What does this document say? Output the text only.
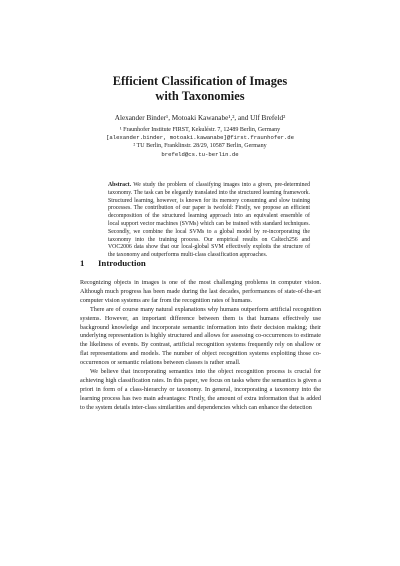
Efficient Classification of Images
with Taxonomies
Alexander Binder¹, Motoaki Kawanabe¹,², and Ulf Brefeld²
¹ Fraunhofer Institute FIRST, Kekuléstr. 7, 12489 Berlin, Germany
[alexander.binder, motoaki.kawanabe]@first.fraunhofer.de
² TU Berlin, Franklinstr. 28/29, 10587 Berlin, Germany
brefeld@cs.tu-berlin.de
Abstract. We study the problem of classifying images into a given, pre-determined taxonomy. The task can be elegantly translated into the structured learning framework. Structured learning, however, is known for its memory consuming and slow training processes. The contribution of our paper is twofold: Firstly, we propose an efficient decomposition of the structured learning approach into an equivalent ensemble of local support vector machines (SVMs) which can be trained with standard techniques. Secondly, we combine the local SVMs to a global model by re-incorporating the taxonomy into the training process. Our empirical results on Caltech256 and VOC2006 data show that our local-global SVM effectively exploits the structure of the taxonomy and outperforms multi-class classification approaches.
1 Introduction

Recognizing objects in images is one of the most challenging problems in computer vision. Although much progress has been made during the last decades, performances of state-of-the-art computer vision systems are far from the recognition rates of humans.

There are of course many natural explanations why humans outperform artificial recognition systems. However, an important difference between them is that humans effectively use background knowledge and incorporate semantic information into their decision making; their underlying representation is highly structured and allows for assessing co-occurrences to estimate the likeliness of events. By contrast, artificial recognition systems frequently rely on shallow or flat representations and models. The number of object recognition systems exploiting those co-occurrences or semantic relations between classes is rather small.

We believe that incorporating semantics into the object recognition process is crucial for achieving high classification rates. In this paper, we focus on tasks where the semantics is given a priori in form of a class-hierarchy or taxonomy. In general, incorporating a taxonomy into the learning process has two main advantages: Firstly, the amount of extra information that is added to the system details inter-class similarities and dependencies which can enhance the detection
